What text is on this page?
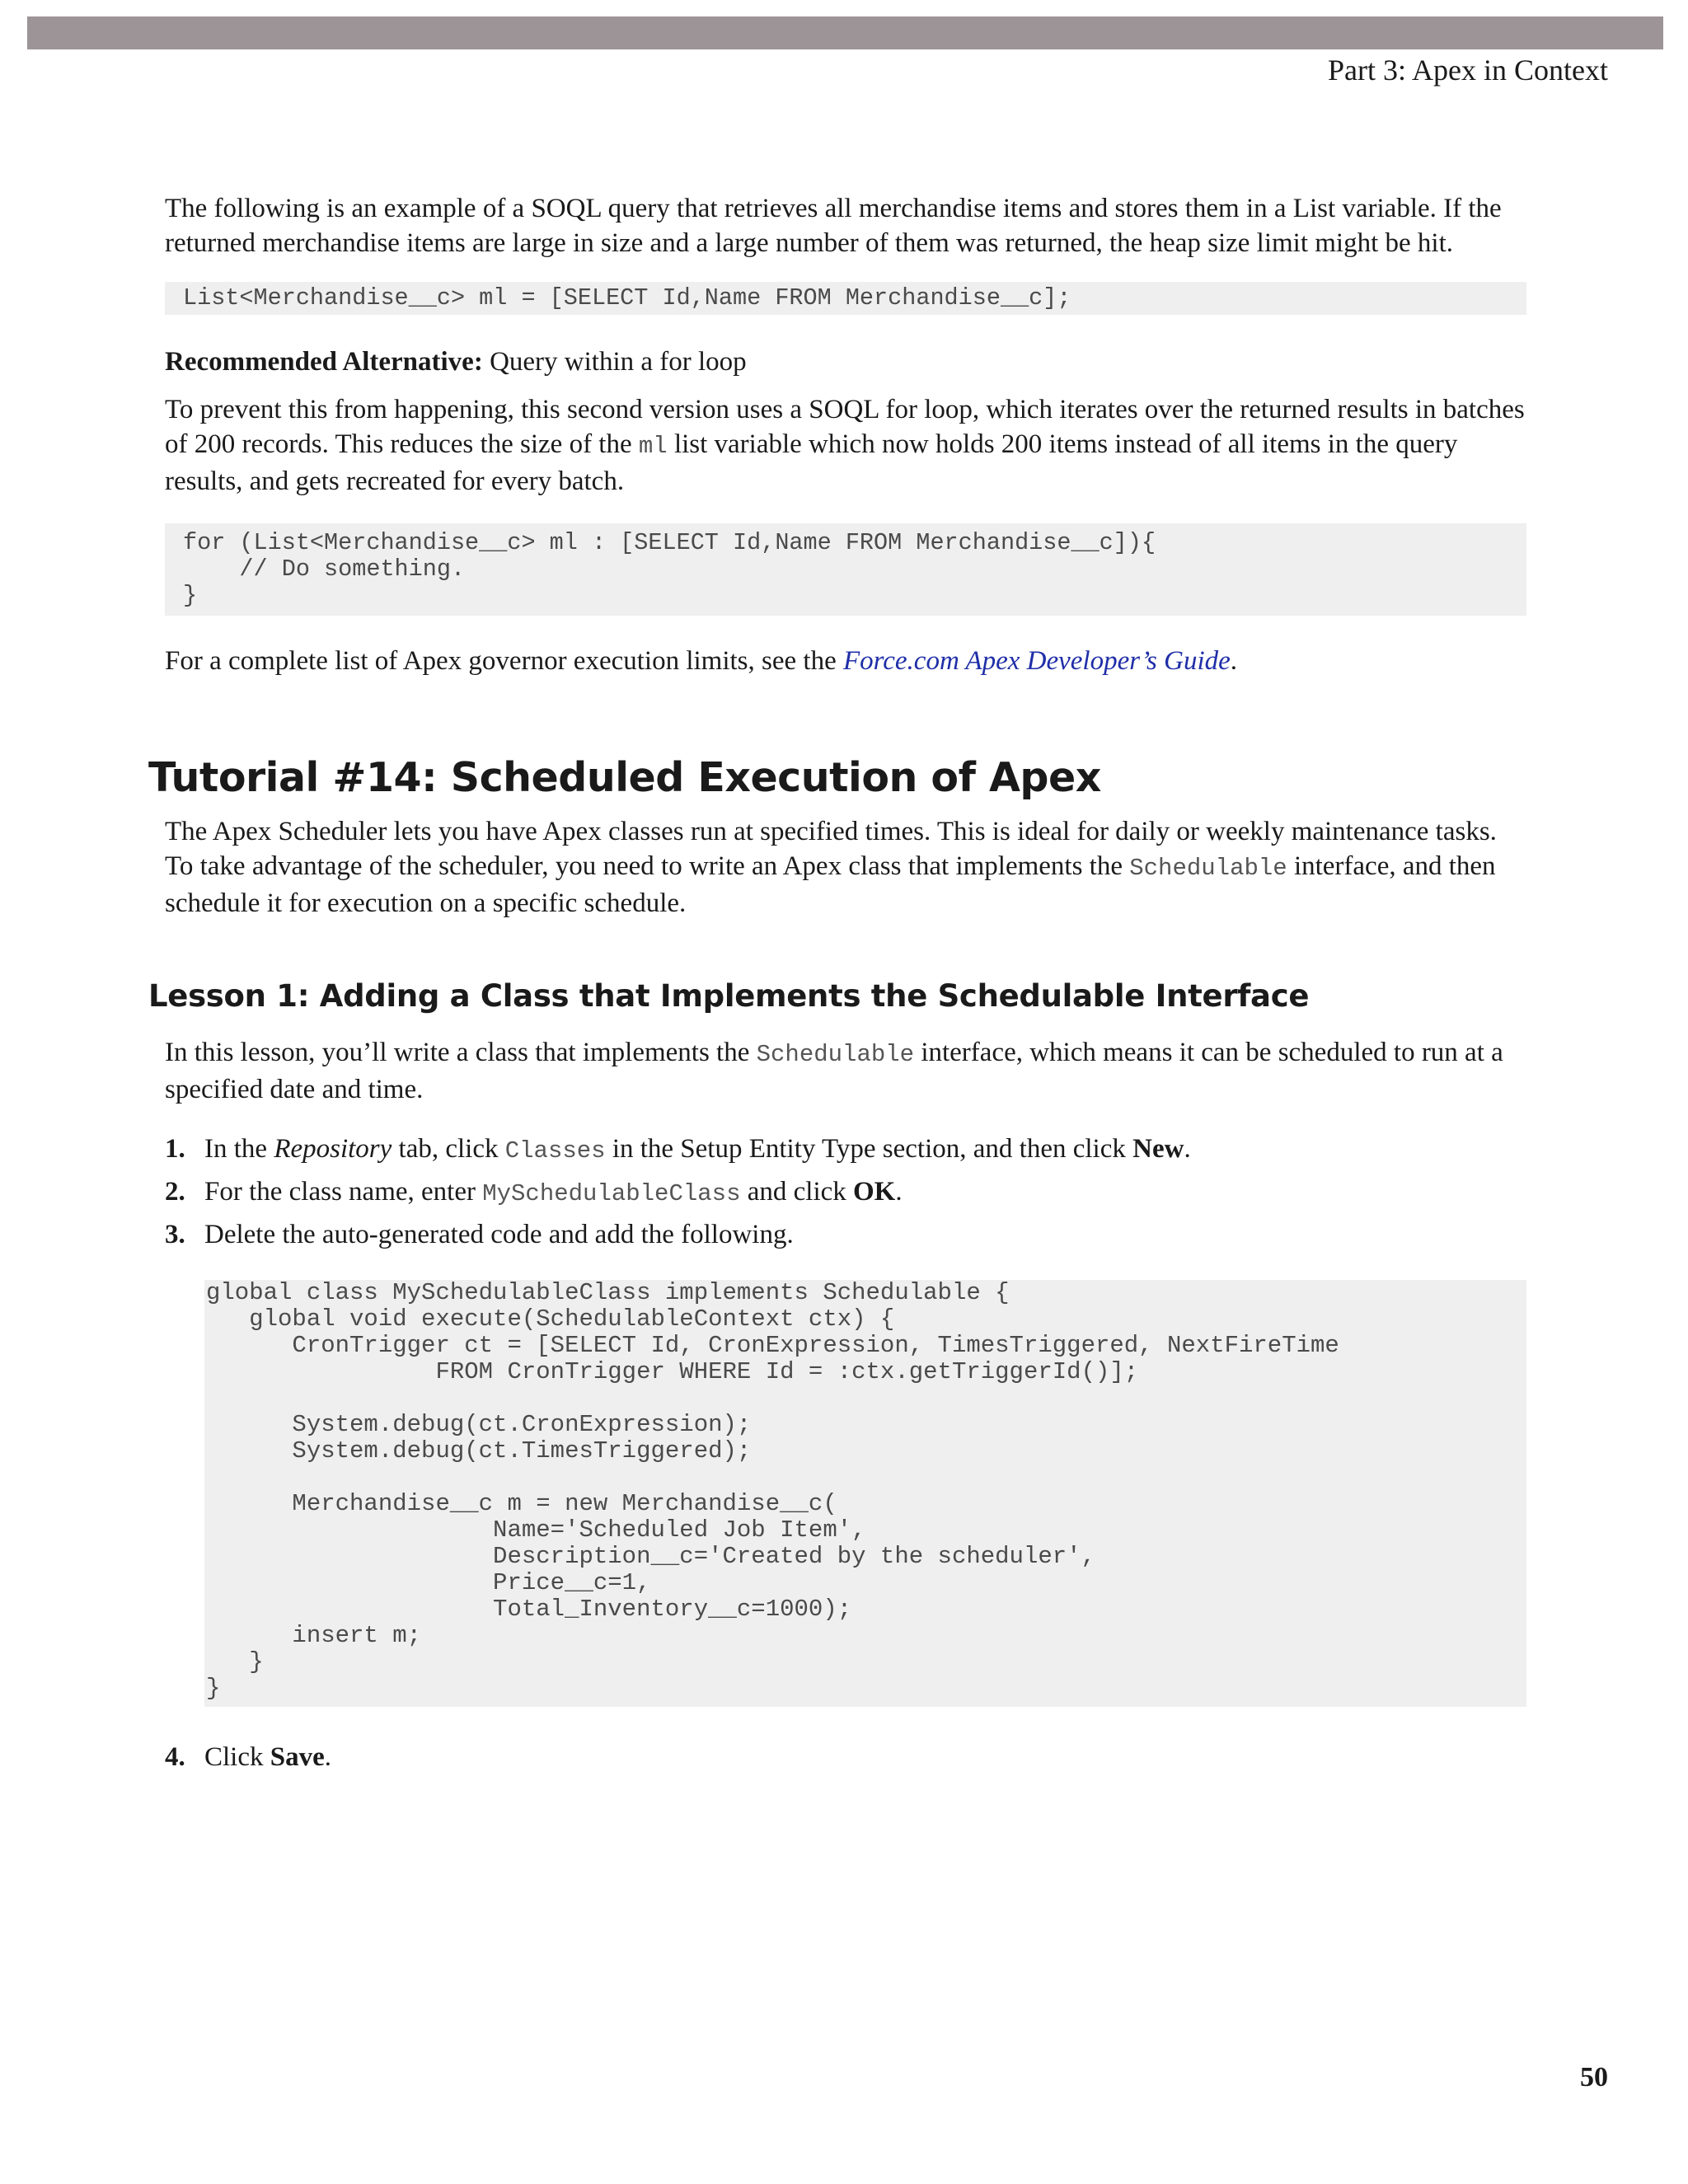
Part 3: Apex in Context

The following is an example of a SOQL query that retrieves all merchandise items and stores them in a List variable. If the returned merchandise items are large in size and a large number of them was returned, the heap size limit might be hit.

List<Merchandise__c> ml = [SELECT Id,Name FROM Merchandise__c];

Recommended Alternative: Query within a for loop

To prevent this from happening, this second version uses a SOQL for loop, which iterates over the returned results in batches of 200 records. This reduces the size of the ml list variable which now holds 200 items instead of all items in the query results, and gets recreated for every batch.

for (List<Merchandise__c> ml : [SELECT Id,Name FROM Merchandise__c]){
// Do something.
}

For a complete list of Apex governor execution limits, see the Force.com Apex Developer’s Guide.

Tutorial #14: Scheduled Execution of Apex

The Apex Scheduler lets you have Apex classes run at specified times. This is ideal for daily or weekly maintenance tasks. To take advantage of the scheduler, you need to write an Apex class that implements the Schedulable interface, and then schedule it for execution on a specific schedule.

Lesson 1: Adding a Class that Implements the Schedulable Interface

In this lesson, you’ll write a class that implements the Schedulable interface, which means it can be scheduled to run at a specified date and time.

1. In the Repository tab, click Classes in the Setup Entity Type section, and then click New.
2. For the class name, enter MySchedulableClass and click OK.
3. Delete the auto-generated code and add the following.
global class MySchedulableClass implements Schedulable {
global void execute(SchedulableContext ctx) {
CronTrigger ct = [SELECT Id, CronExpression, TimesTriggered, NextFireTime
FROM CronTrigger WHERE Id = :ctx.getTriggerId()];

System.debug(ct.CronExpression);
System.debug(ct.TimesTriggered);

Merchandise__c m = new Merchandise__c(
Name='Scheduled Job Item',
Description__c='Created by the scheduler',
Price__c=1,
Total_Inventory__c=1000);
insert m;
}
}
4. Click Save.
50
